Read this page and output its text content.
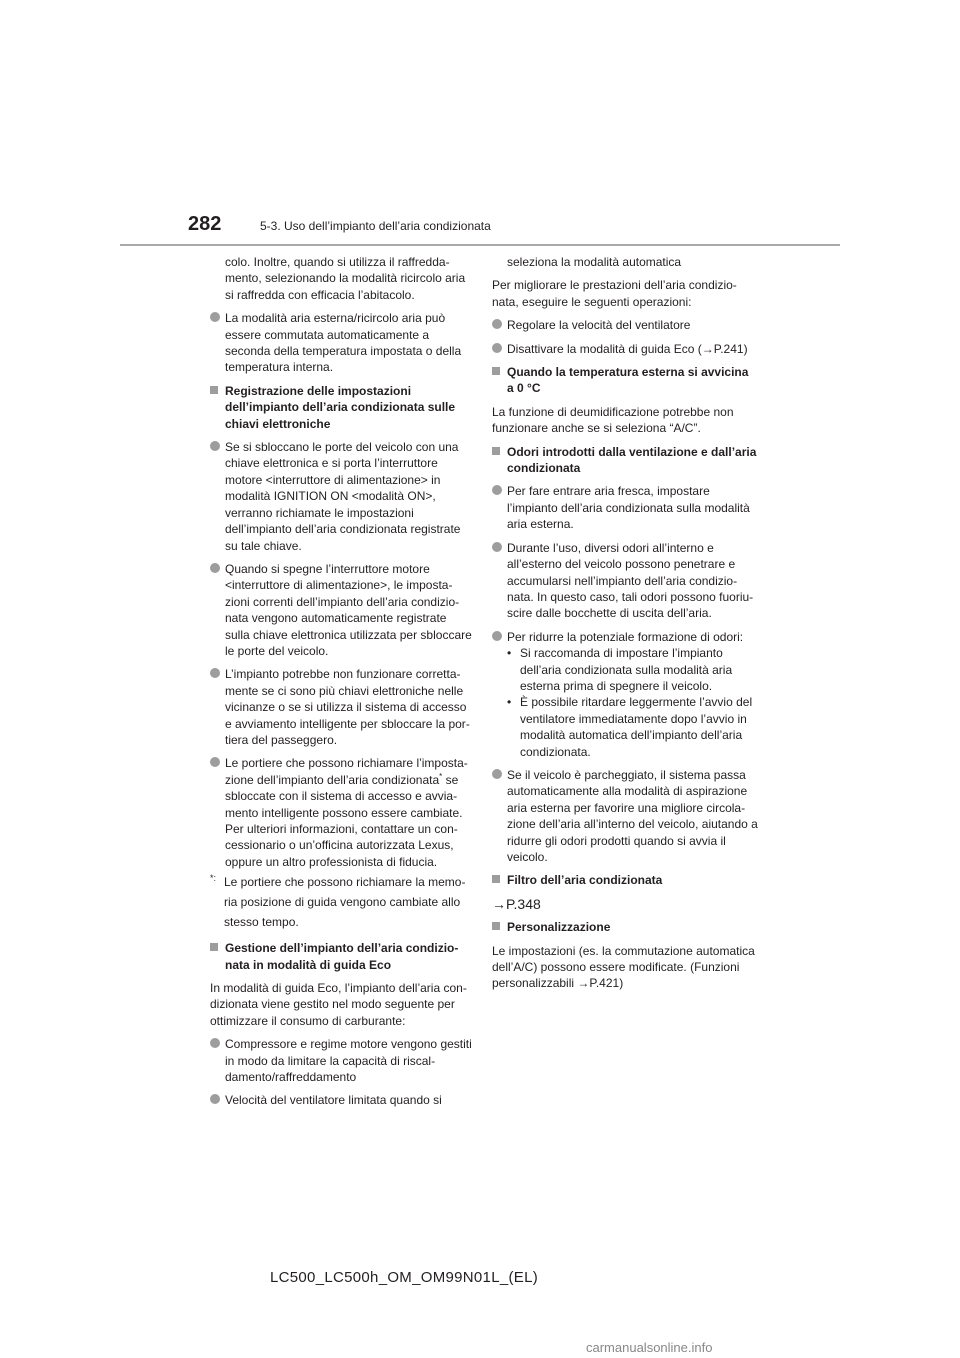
282	5-3. Uso dell’impianto dell’aria condizionata

colo. Inoltre, quando si utilizza il raffreddamento, selezionando la modalità ricircolo aria si raffredda con efficacia l’abitacolo.

La modalità aria esterna/ricircolo aria può essere commutata automaticamente a seconda della temperatura impostata o della temperatura interna.
Registrazione delle impostazioni dell’impianto dell’aria condizionata sulle chiavi elettroniche
Se si sbloccano le porte del veicolo con una chiave elettronica e si porta l’interruttore motore <interruttore di alimentazione> in modalità IGNITION ON <modalità ON>, verranno richiamate le impostazioni dell’impianto dell’aria condizionata registrate su tale chiave.
Quando si spegne l’interruttore motore <interruttore di alimentazione>, le impostazioni correnti dell’impianto dell’aria condizionata vengono automaticamente registrate sulla chiave elettronica utilizzata per sbloccare le porte del veicolo.
L’impianto potrebbe non funzionare correttamente se ci sono più chiavi elettroniche nelle vicinanze o se si utilizza il sistema di accesso e avviamento intelligente per sbloccare la portiera del passeggero.
Le portiere che possono richiamare l’impostazione dell’impianto dell’aria condizionata* se sbloccate con il sistema di accesso e avviamento intelligente possono essere cambiate. Per ulteriori informazioni, contattare un concessionario o un’officina autorizzata Lexus, oppure un altro professionista di fiducia.
*: Le portiere che possono richiamare la memoria posizione di guida vengono cambiate allo stesso tempo.
Gestione dell’impianto dell’aria condizionata in modalità di guida Eco

In modalità di guida Eco, l’impianto dell’aria condizionata viene gestito nel modo seguente per ottimizzare il consumo di carburante:

Compressore e regime motore vengono gestiti in modo da limitare la capacità di riscaldamento/raffreddamento
Velocità del ventilatore limitata quando si

seleziona la modalità automatica

Per migliorare le prestazioni dell’aria condizionata, eseguire le seguenti operazioni:

Regolare la velocità del ventilatore
Disattivare la modalità di guida Eco (→P.241)
Quando la temperatura esterna si avvicina a 0 °C

La funzione di deumidificazione potrebbe non funzionare anche se si seleziona “A/C”.

Odori introdotti dalla ventilazione e dall’aria condizionata
Per fare entrare aria fresca, impostare l’impianto dell’aria condizionata sulla modalità aria esterna.
Durante l’uso, diversi odori all’interno e all’esterno del veicolo possono penetrare e accumularsi nell’impianto dell’aria condizionata. In questo caso, tali odori possono fuoriuscire dalle bocchette di uscita dell’aria.
Per ridurre la potenziale formazione di odori:
• Si raccomanda di impostare l’impianto dell’aria condizionata sulla modalità aria esterna prima di spegnere il veicolo.
• È possibile ritardare leggermente l’avvio del ventilatore immediatamente dopo l’avvio in modalità automatica dell’impianto dell’aria condizionata.
Se il veicolo è parcheggiato, il sistema passa automaticamente alla modalità di aspirazione aria esterna per favorire una migliore circolazione dell’aria all’interno del veicolo, aiutando a ridurre gli odori prodotti quando si avvia il veicolo.
Filtro dell’aria condizionata

→P.348

Personalizzazione

Le impostazioni (es. la commutazione automatica dell’A/C) possono essere modificate. (Funzioni personalizzabili →P.421)

LC500_LC500h_OM_OM99N01L_(EL)
carmanualsonline.info
